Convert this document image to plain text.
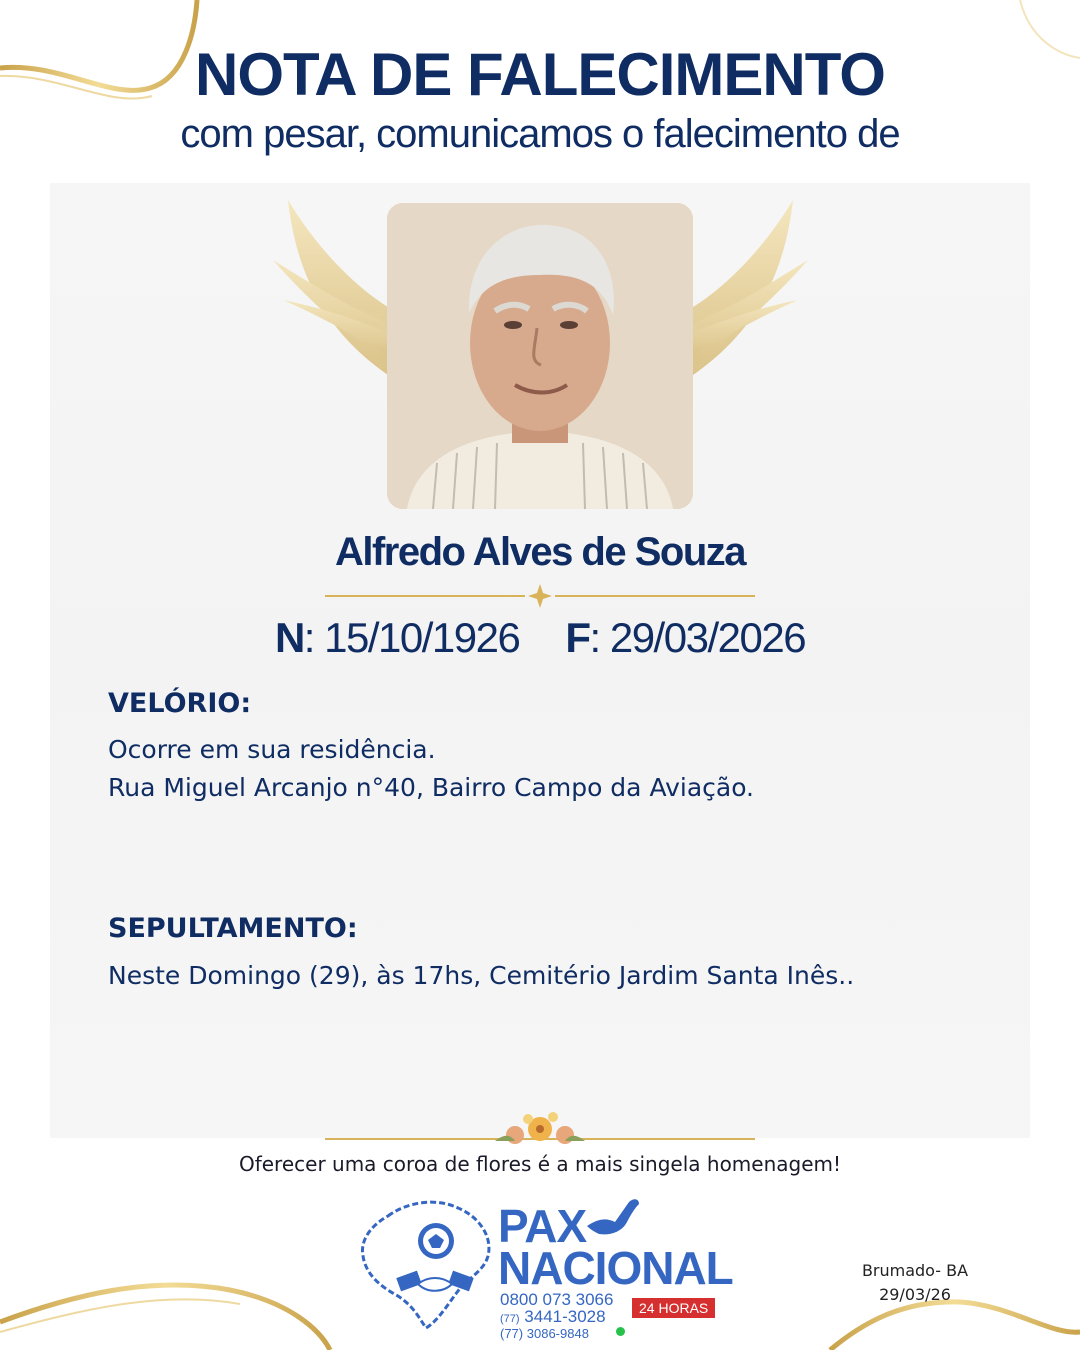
NOTA DE FALECIMENTO
com pesar, comunicamos o falecimento de
Alfredo Alves de Souza
N: 15/10/1926 F: 29/03/2026
VELÓRIO:
Ocorre em sua residência.
Rua Miguel Arcanjo n°40, Bairro Campo da Aviação.
SEPULTAMENTO:
Neste Domingo (29), às 17hs, Cemitério Jardim Santa Inês..
Oferecer uma coroa de flores é a mais singela homenagem!
PAX
NACIONAL
0800 073 3066
(77) 3441-3028
(77) 3086-9848
24 HORAS
Brumado- BA
29/03/26
